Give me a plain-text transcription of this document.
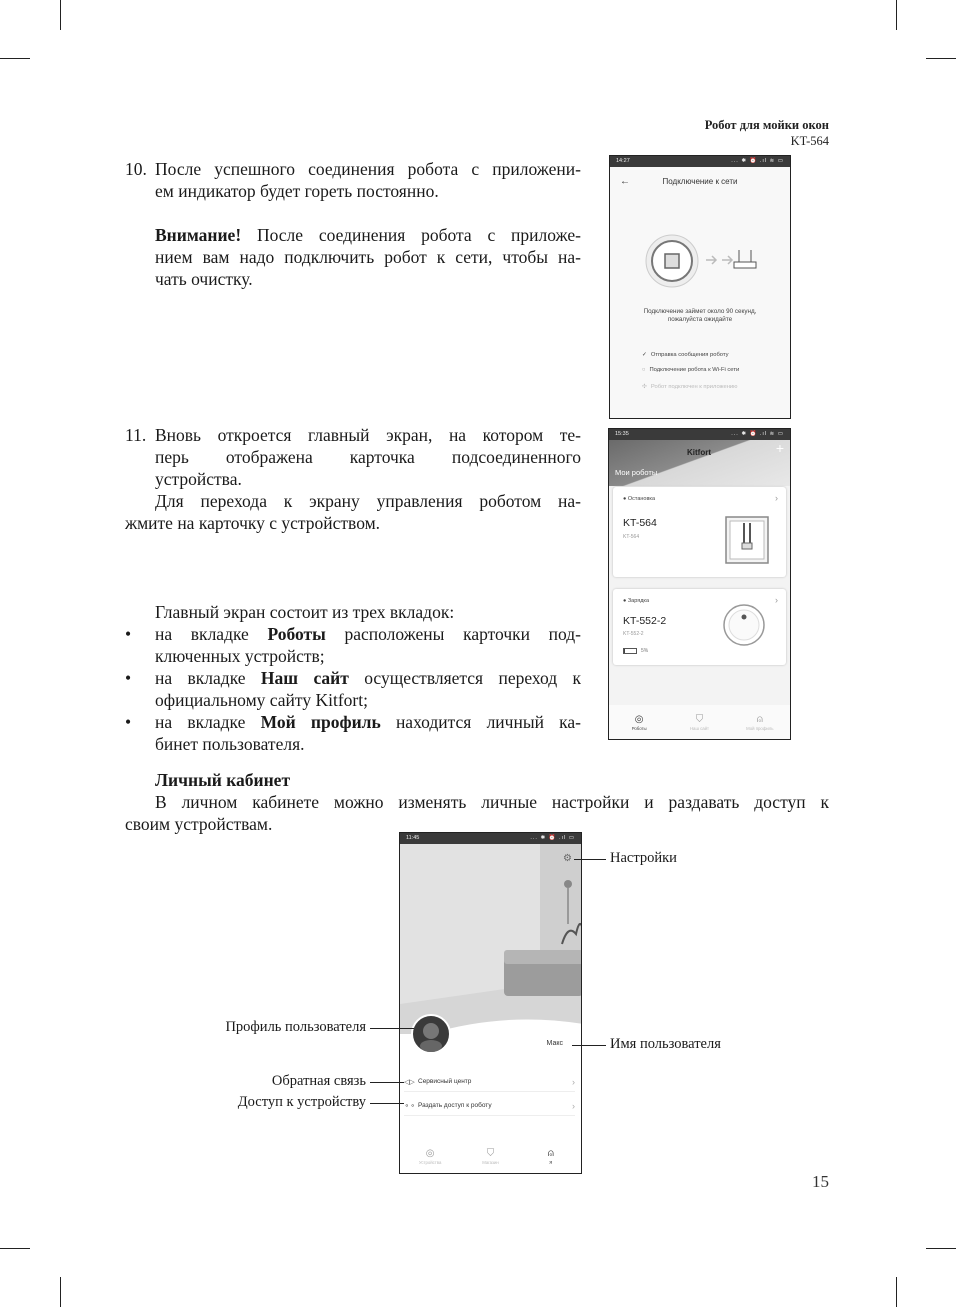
Робот для мойки окон
KT-564
10. После успешного соединения робота с приложени-
ем индикатор будет гореть постоянно.
Внимание! После соединения робота с приложе-
нием вам надо подключить робот к сети, чтобы на-
чать очистку.
11. Вновь откроется главный экран, на котором те-
перь отображена карточка подсоединенного
устройства.
Для перехода к экрану управления роботом на-
жмите на карточку с устройством.
Главный экран состоит из трех вкладок:
• на вкладке Роботы расположены карточки под-
ключенных устройств;
• на вкладке Наш сайт осуществляется переход к
официальному сайту Kitfort;
• на вкладке Мой профиль находится личный ка-
бинет пользователя.
Личный кабинет
В личном кабинете можно изменять личные настройки и раздавать доступ к
своим устройствам.
14:27	... ✱ ⏰ .ıl ≋ ▭
←	Подключение к сети
Подключение займет около 90 секунд,
пожалуйста ожидайте
✓ Отправка сообщения роботу
◌ Подключение робота к Wi-Fi сети
✣ Робот подключен к приложению
15:35	... ✱ ⏰ .ıl ≋ ▭
Kitfort	+
Мои роботы
● Остановка	›
KT-564
KT-564
● Зарядка	›
KT-552-2
KT-552-2
5%
◎
Роботы
⛉
Наш сайт
⍝
Мой профиль
11:45	... ✱ ⏰ .ıl ▭
⚙
Макс
◁▷ Сервисный центр	›
⚬⚬ Раздать доступ к роботу	›
◎
Устройства
⛉
Магазин
⍝
Я
Настройки
Профиль пользователя
Имя пользователя
Обратная связь
Доступ к устройству
15
